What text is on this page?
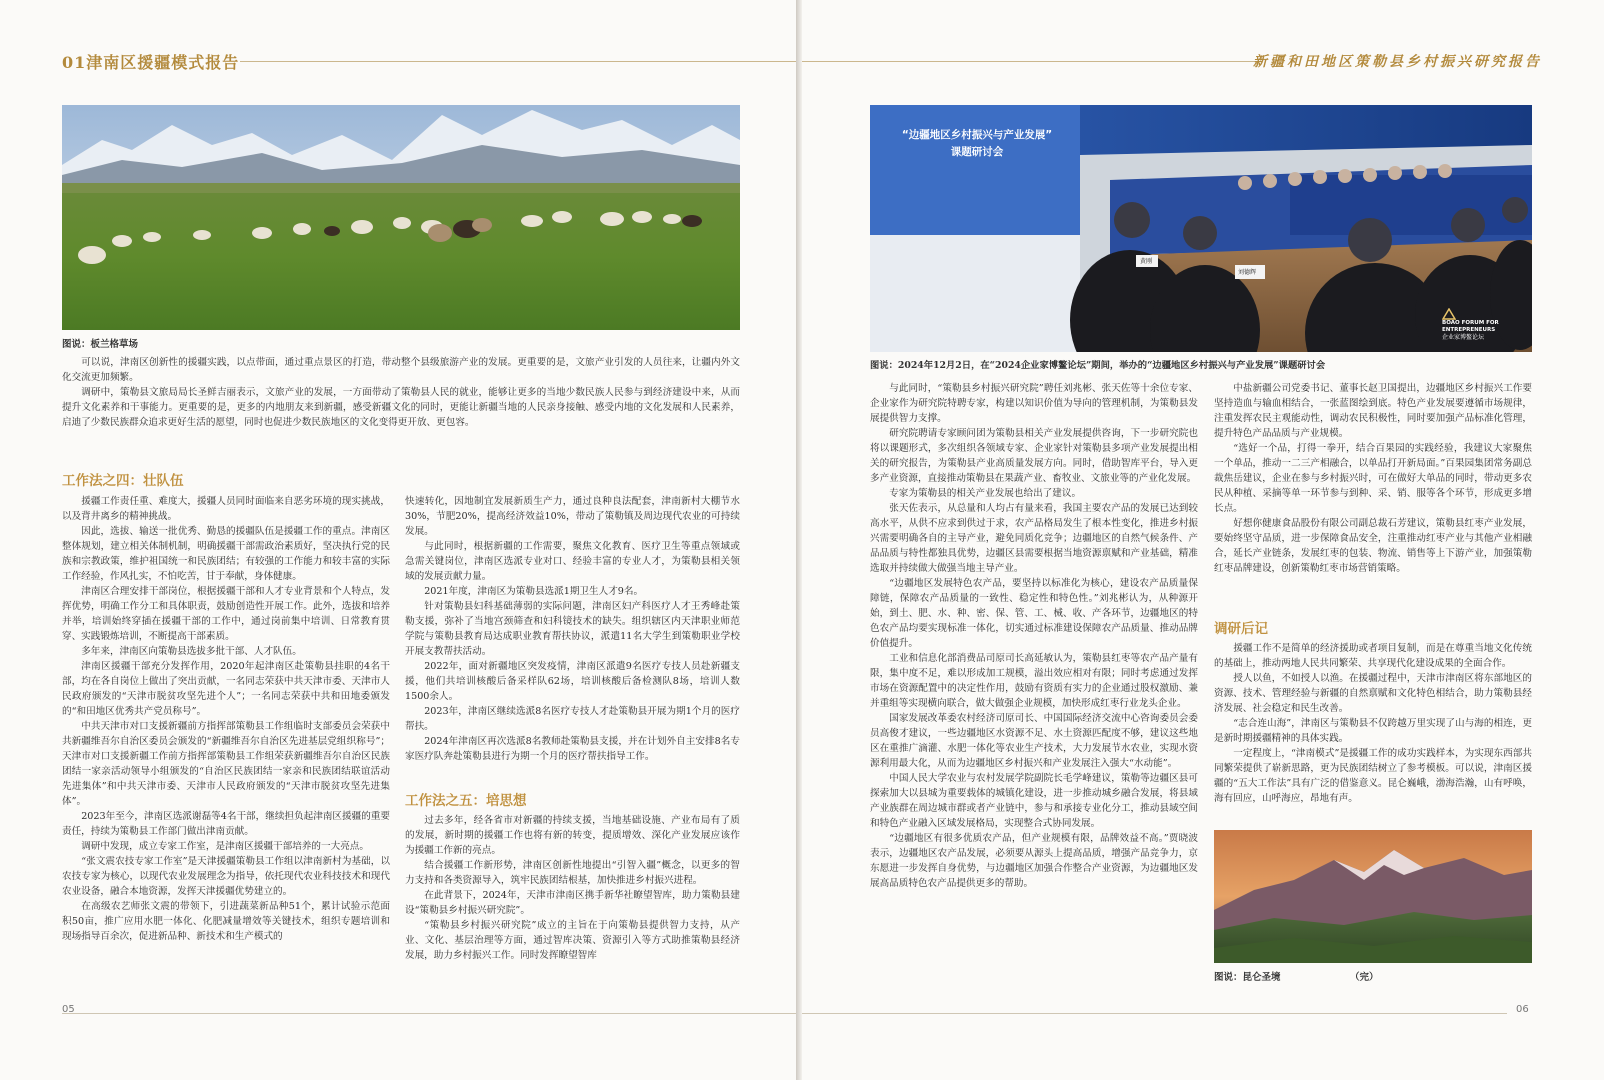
01津南区援疆模式报告
图说：板兰格草场

可以说，津南区创新性的援疆实践，以点带面，通过重点景区的打造，带动整个县级旅游产业的发展。更重要的是，文旅产业引发的人员往来，让疆内外文化交流更加频繁。

调研中，策勒县文旅局局长圣鲜吉丽表示，文旅产业的发展，一方面带动了策勒县人民的就业，能够让更多的当地少数民族人民参与到经济建设中来，从而提升文化素养和干事能力。更重要的是，更多的内地朋友来到新疆，感受新疆文化的同时，更能让新疆当地的人民亲身接触、感受内地的文化发展和人民素养，启迪了少数民族群众追求更好生活的愿望，同时也促进少数民族地区的文化变得更开放、更包容。

工作法之四：壮队伍

援疆工作责任重、难度大，援疆人员同时面临来自恶劣环境的现实挑战，以及背井离乡的精神挑战。

因此，选拔、输送一批优秀、勤恳的援疆队伍是援疆工作的重点。津南区整体规划，建立相关体制机制，明确援疆干部需政治素质好，坚决执行党的民族和宗教政策，维护祖国统一和民族团结；有较强的工作能力和较丰富的实际工作经验，作风扎实，不怕吃苦，甘于奉献，身体健康。

津南区合理安排干部岗位，根据援疆干部和人才专业背景和个人特点，发挥优势，明确工作分工和具体职责，鼓励创造性开展工作。此外，选拔和培养并举，培训始终穿插在援疆干部的工作中，通过岗前集中培训、日常教育贯穿、实践锻炼培训，不断提高干部素质。

多年来，津南区向策勒县选拔多批干部、人才队伍。

津南区援疆干部充分发挥作用，2020年起津南区赴策勒县挂职的4名干部，均在各自岗位上做出了突出贡献，一名同志荣获中共天津市委、天津市人民政府颁发的“天津市脱贫攻坚先进个人”；一名同志荣获中共和田地委颁发的“和田地区优秀共产党员称号”。

中共天津市对口支援新疆前方指挥部策勒县工作组临时支部委员会荣获中共新疆维吾尔自治区委员会颁发的“新疆维吾尔自治区先进基层党组织称号”；天津市对口支援新疆工作前方指挥部策勒县工作组荣获新疆维吾尔自治区民族团结一家亲活动领导小组颁发的“自治区民族团结一家亲和民族团结联谊活动先进集体”和中共天津市委、天津市人民政府颁发的“天津市脱贫攻坚先进集体”。

2023年至今，津南区选派谢磊等4名干部，继续担负起津南区援疆的重要责任，持续为策勒县工作部门做出津南贡献。

调研中发现，成立专家工作室，是津南区援疆干部培养的一大亮点。

“张文震农技专家工作室”是天津援疆策勒县工作组以津南新村为基础，以农技专家为核心，以现代农业发展理念为指导，依托现代农业科技技术和现代农业设备，融合本地资源，发挥天津援疆优势建立的。

在高级农艺师张文震的带领下，引进蔬菜新品种51个，累计试验示范面积50亩，推广应用水肥一体化、化肥减量增效等关键技术，组织专题培训和现场指导百余次，促进新品种、新技术和生产模式的

快速转化，因地制宜发展新质生产力，通过良种良法配套，津南新村大棚节水30%，节肥20%，提高经济效益10%，带动了策勒镇及周边现代农业的可持续发展。

与此同时，根据新疆的工作需要，聚焦文化教育、医疗卫生等重点领域或急需关键岗位，津南区选派专业对口、经验丰富的专业人才，为策勒县相关领域的发展贡献力量。

2021年度，津南区为策勒县选派1期卫生人才9名。

针对策勒县妇科基础薄弱的实际问题，津南区妇产科医疗人才王秀峰赴策勒支援，弥补了当地宫颈筛查和妇科镜技术的缺失。组织辖区内天津职业师范学院与策勒县教育局达成职业教育帮扶协议，派遣11名大学生到策勒职业学校开展支教帮扶活动。

2022年，面对新疆地区突发疫情，津南区派遣9名医疗专技人员赴新疆支援，他们共培训核酸后备采样队62场，培训核酸后备检测队8场，培训人数1500余人。

2023年，津南区继续选派8名医疗专技人才赴策勒县开展为期1个月的医疗帮扶。

2024年津南区再次选派8名教师赴策勒县支援，并在计划外自主安排8名专家医疗队奔赴策勒县进行为期一个月的医疗帮扶指导工作。

工作法之五：培思想

过去多年，经各省市对新疆的持续支援，当地基础设施、产业布局有了质的发展，新时期的援疆工作也将有新的转变，提质增效、深化产业发展应该作为援疆工作新的亮点。

结合援疆工作新形势，津南区创新性地提出“引智入疆”概念，以更多的智力支持和各类资源导入，筑牢民族团结根基，加快推进乡村振兴进程。

在此背景下，2024年，天津市津南区携手新华社瞭望智库，助力策勒县建设“策勒县乡村振兴研究院”。

“策勒县乡村振兴研究院”成立的主旨在于向策勒县提供智力支持，从产业、文化、基层治理等方面，通过智库决策、资源引入等方式助推策勒县经济发展，助力乡村振兴工作。同时发挥瞭望智库

05
新疆和田地区策勒县乡村振兴研究报告
“边疆地区乡村振兴与产业发展”
课题研讨会
黄刚
刘德辉
BOAO FORUM FOR ENTREPRENEURS
企业家博鳌论坛
图说：2024年12月2日，在“2024企业家博鳌论坛”期间，举办的“边疆地区乡村振兴与产业发展”课题研讨会

与此同时，“策勒县乡村振兴研究院”聘任刘兆彬、张天佐等十余位专家、企业家作为研究院特聘专家，构建以知识价值为导向的管理机制，为策勒县发展提供智力支撑。

研究院聘请专家顾问团为策勒县相关产业发展提供咨询，下一步研究院也将以课题形式，多次组织各领域专家、企业家针对策勒县多项产业发展提出相关的研究报告，为策勒县产业高质量发展方向。同时，借助智库平台，导入更多产业资源，直接推动策勒县在果蔬产业、畜牧业、文旅业等的产业化发展。

专家为策勒县的相关产业发展也给出了建议。

张天佐表示，从总量和人均占有量来看，我国主要农产品的发展已达到较高水平，从供不应求到供过于求，农产品格局发生了根本性变化，推进乡村振兴需要明确各自的主导产业，避免同质化竞争；边疆地区的自然气候条件、产品品质与特性都独具优势，边疆区县需要根据当地资源禀赋和产业基础，精准选取并持续做大做强当地主导产业。

“边疆地区发展特色农产品，要坚持以标准化为核心，建设农产品质量保障链，保障农产品质量的一致性、稳定性和特色性。”刘兆彬认为，从种源开始，到土、肥、水、种、密、保、管、工、械、收、产各环节，边疆地区的特色农产品均要实现标准一体化，切实通过标准建设保障农产品质量、推动品牌价值提升。

工业和信息化部消费品司原司长高延敏认为，策勒县红枣等农产品产量有限，集中度不足，难以形成加工规模，溢出效应相对有限；同时考虑通过发挥市场在资源配置中的决定性作用，鼓励有资质有实力的企业通过股权激励、兼并重组等实现横向联合，做大做强企业规模，加快形成红枣行业龙头企业。

国家发展改革委农村经济司原司长、中国国际经济交流中心咨询委员会委员高俊才建议，一些边疆地区水资源不足、水土资源匹配度不够，建议这些地区在重推广滴灌、水肥一体化等农业生产技术，大力发展节水农业，实现水资源利用最大化，从而为边疆地区乡村振兴和产业发展注入强大“水动能”。

中国人民大学农业与农村发展学院副院长毛学峰建议，策勒等边疆区县可探索加大以县城为重要载体的城镇化建设，进一步推动城乡融合发展，将县域产业族群在周边城市群或者产业链中，参与和承接专业化分工，推动县域空间和特色产业融入区域发展格局，实现整合式协同发展。

“边疆地区有很多优质农产品，但产业规模有限，品牌效益不高。”贾晓波表示，边疆地区农产品发展，必须要从源头上提高品质，增强产品竞争力，京东愿进一步发挥自身优势，与边疆地区加强合作整合产业资源，为边疆地区发展高品质特色农产品提供更多的帮助。

中盐新疆公司党委书记、董事长赵卫国提出，边疆地区乡村振兴工作要坚持造血与输血相结合，一张蓝图绘到底。特色产业发展要遵循市场规律，注重发挥农民主观能动性，调动农民积极性，同时要加强产品标准化管理，提升特色产品品质与产业规模。

“选好一个品，打得一拳开，结合百果园的实践经验，我建议大家聚焦一个单品，推动一二三产相融合，以单品打开新局面。”百果园集团常务副总裁焦岳建议，企业在参与乡村振兴时，可在做好大单品的同时，带动更多农民从种植、采摘等单一环节参与到种、采、销、服等各个环节，形成更多增长点。

好想你健康食品股份有限公司副总裁石芳建议，策勒县红枣产业发展，要始终坚守品质，进一步保障食品安全，注重推动红枣产业与其他产业相融合，延长产业链条，发展红枣的包装、物流、销售等上下游产业，加强策勒红枣品牌建设，创新策勒红枣市场营销策略。

调研后记

援疆工作不是简单的经济援助或者项目复制，而是在尊重当地文化传统的基础上，推动两地人民共同繁荣、共享现代化建设成果的全面合作。

授人以鱼，不如授人以渔。在援疆过程中，天津市津南区将东部地区的资源、技术、管理经验与新疆的自然禀赋和文化特色相结合，助力策勒县经济发展、社会稳定和民生改善。

“志合连山海”，津南区与策勒县不仅跨越万里实现了山与海的相连，更是新时期援疆精神的具体实践。

一定程度上，“津南模式”是援疆工作的成功实践样本，为实现东西部共同繁荣提供了崭新思路，更为民族团结树立了参考模板。可以说，津南区援疆的“五大工作法”具有广泛的借鉴意义。昆仑巍峨，渤海浩瀚，山有呼唤，海有回应，山呼海应，昂地有声。

图说：昆仑圣境	（完）
06
